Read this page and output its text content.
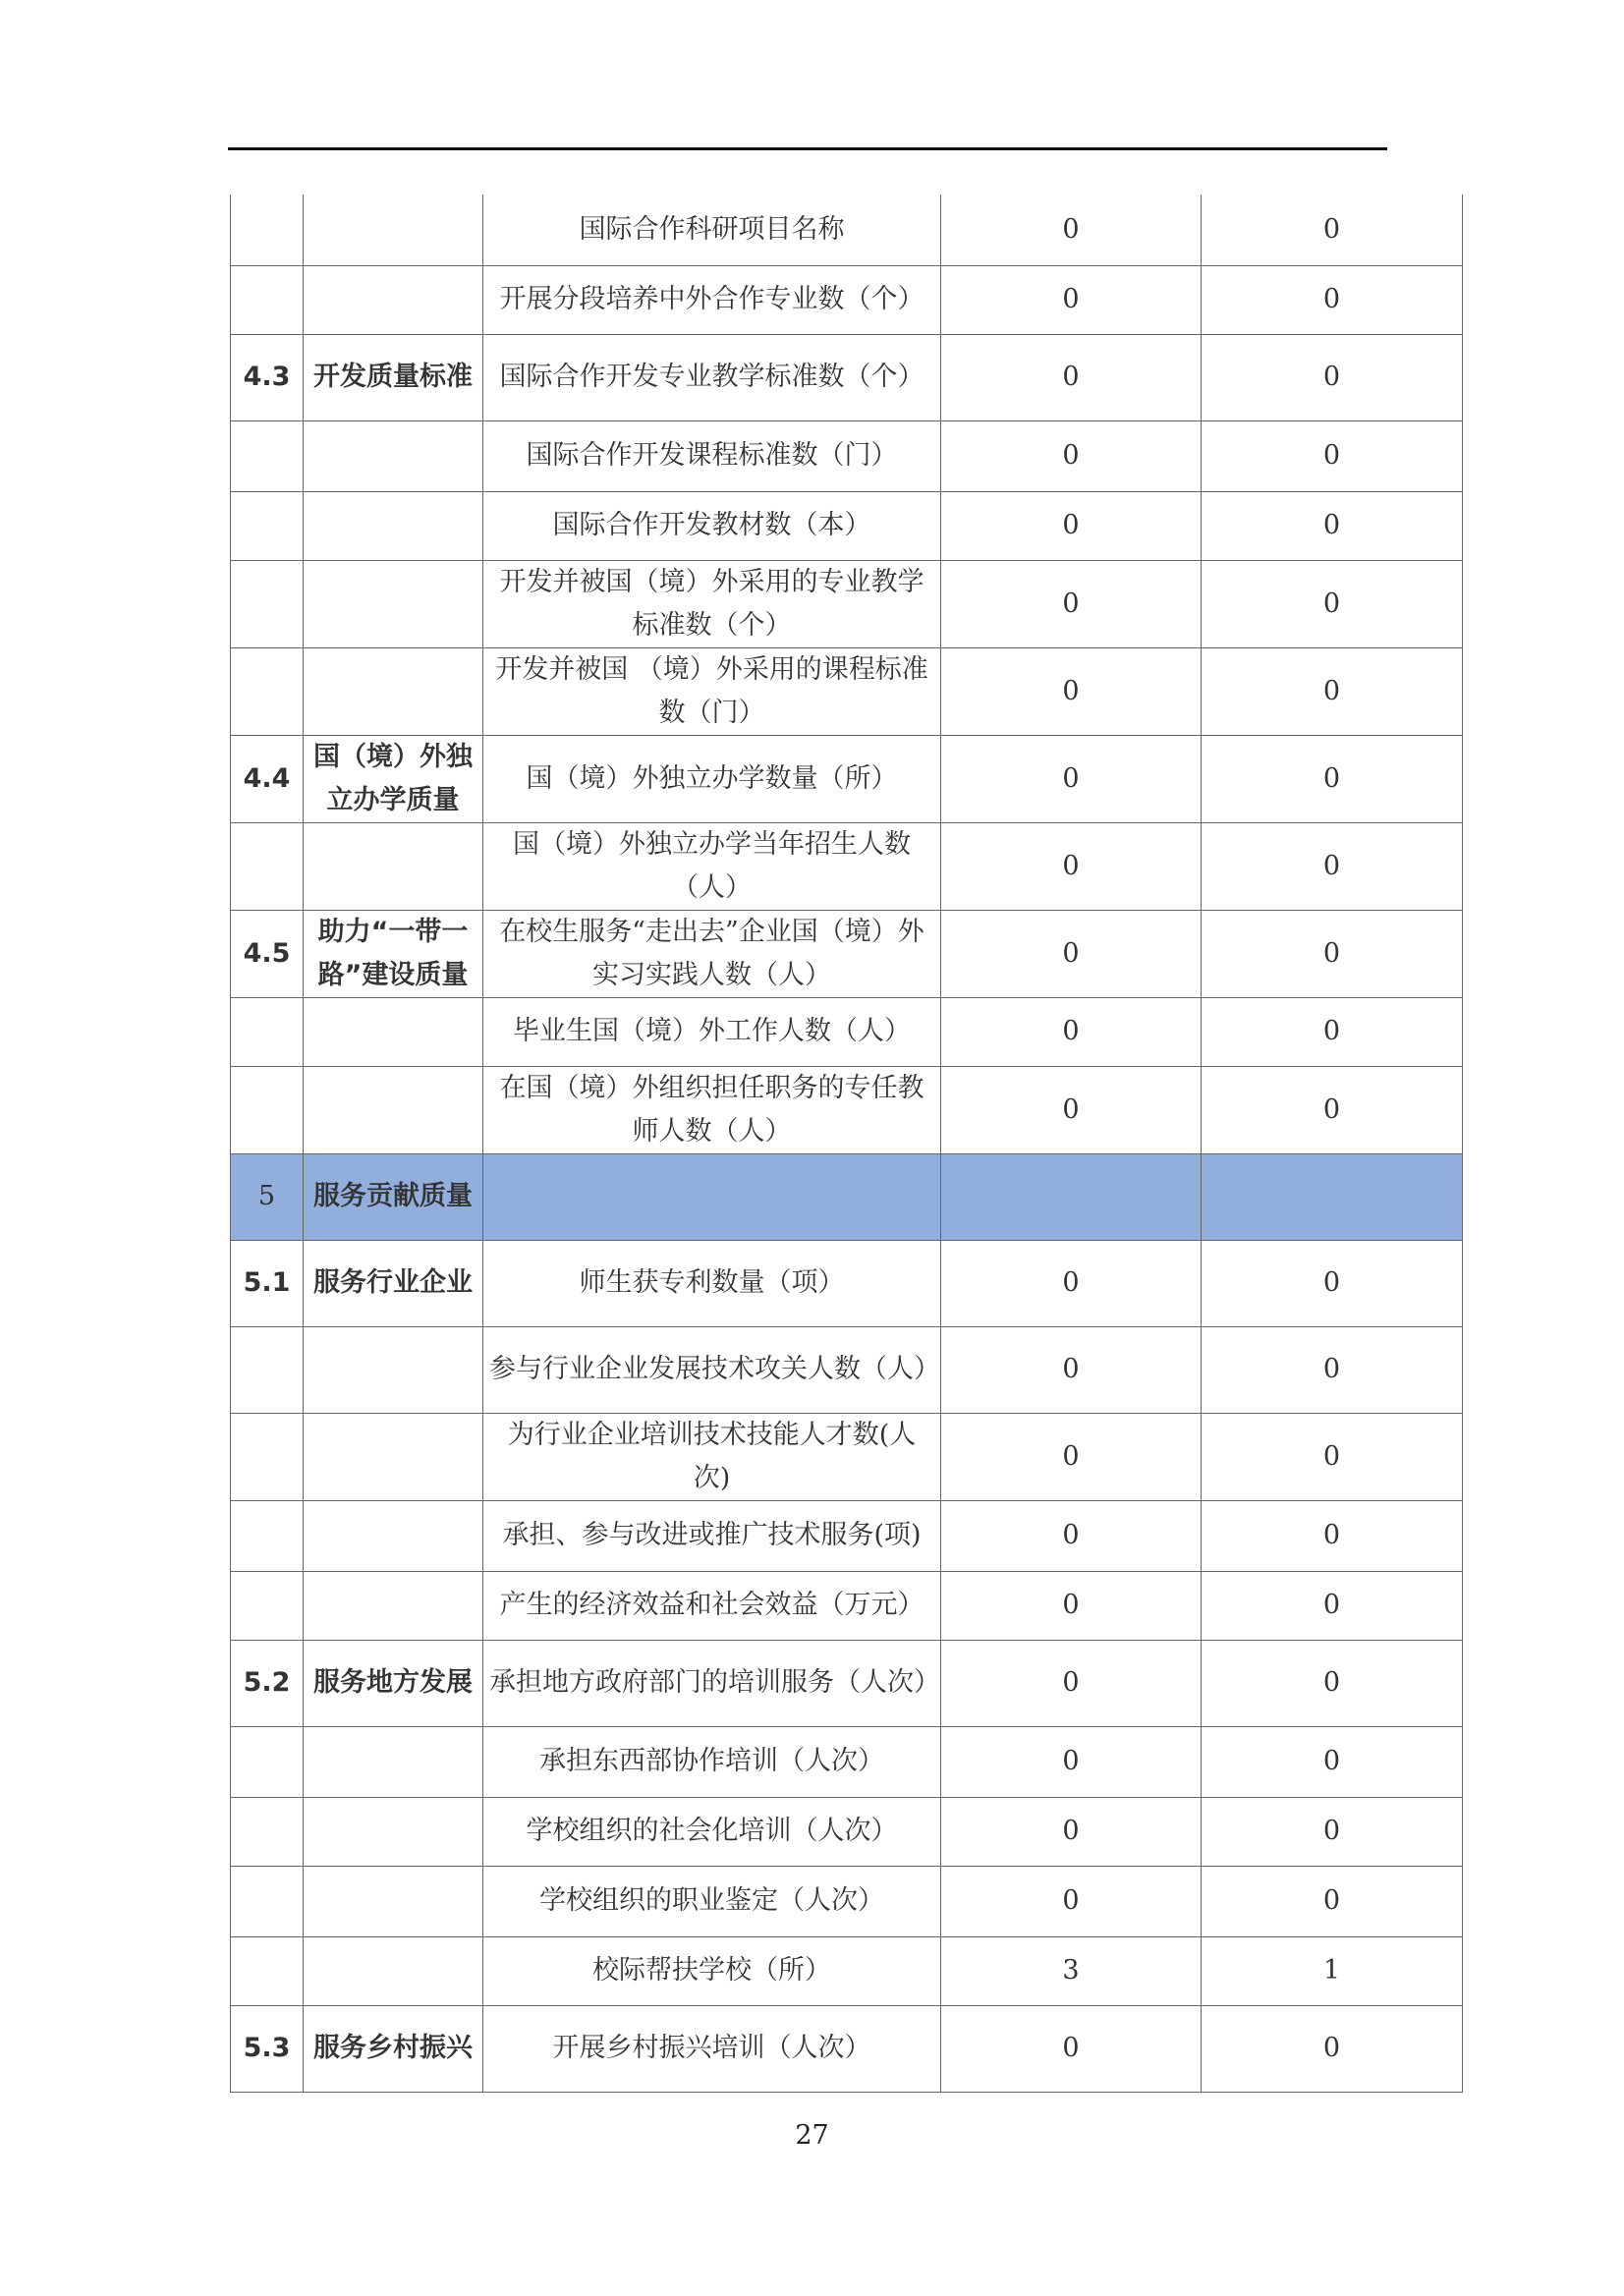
		国际合作科研项目名称	0	0
		开展分段培养中外合作专业数（个）	0	0
4.3	开发质量标准	国际合作开发专业教学标准数（个）	0	0
		国际合作开发课程标准数（门）	0	0
		国际合作开发教材数（本）	0	0
		开发并被国（境）外采用的专业教学标准数（个）	0	0
		开发并被国 （境）外采用的课程标准数（门）	0	0
4.4	国（境）外独立办学质量	国（境）外独立办学数量（所）	0	0
		国（境）外独立办学当年招生人数（人）	0	0
4.5	助力“一带一路”建设质量	在校生服务“走出去”企业国（境）外实习实践人数（人）	0	0
		毕业生国（境）外工作人数（人）	0	0
		在国（境）外组织担任职务的专任教师人数（人）	0	0
5	服务贡献质量			
5.1	服务行业企业	师生获专利数量（项）	0	0
		参与行业企业发展技术攻关人数（人）	0	0
		为行业企业培训技术技能人才数(人次)	0	0
		承担、参与改进或推广技术服务(项)	0	0
		产生的经济效益和社会效益（万元）	0	0
5.2	服务地方发展	承担地方政府部门的培训服务（人次）	0	0
		承担东西部协作培训（人次）	0	0
		学校组织的社会化培训（人次）	0	0
		学校组织的职业鉴定（人次）	0	0
		校际帮扶学校（所）	3	1
5.3	服务乡村振兴	开展乡村振兴培训（人次）	0	0
27
